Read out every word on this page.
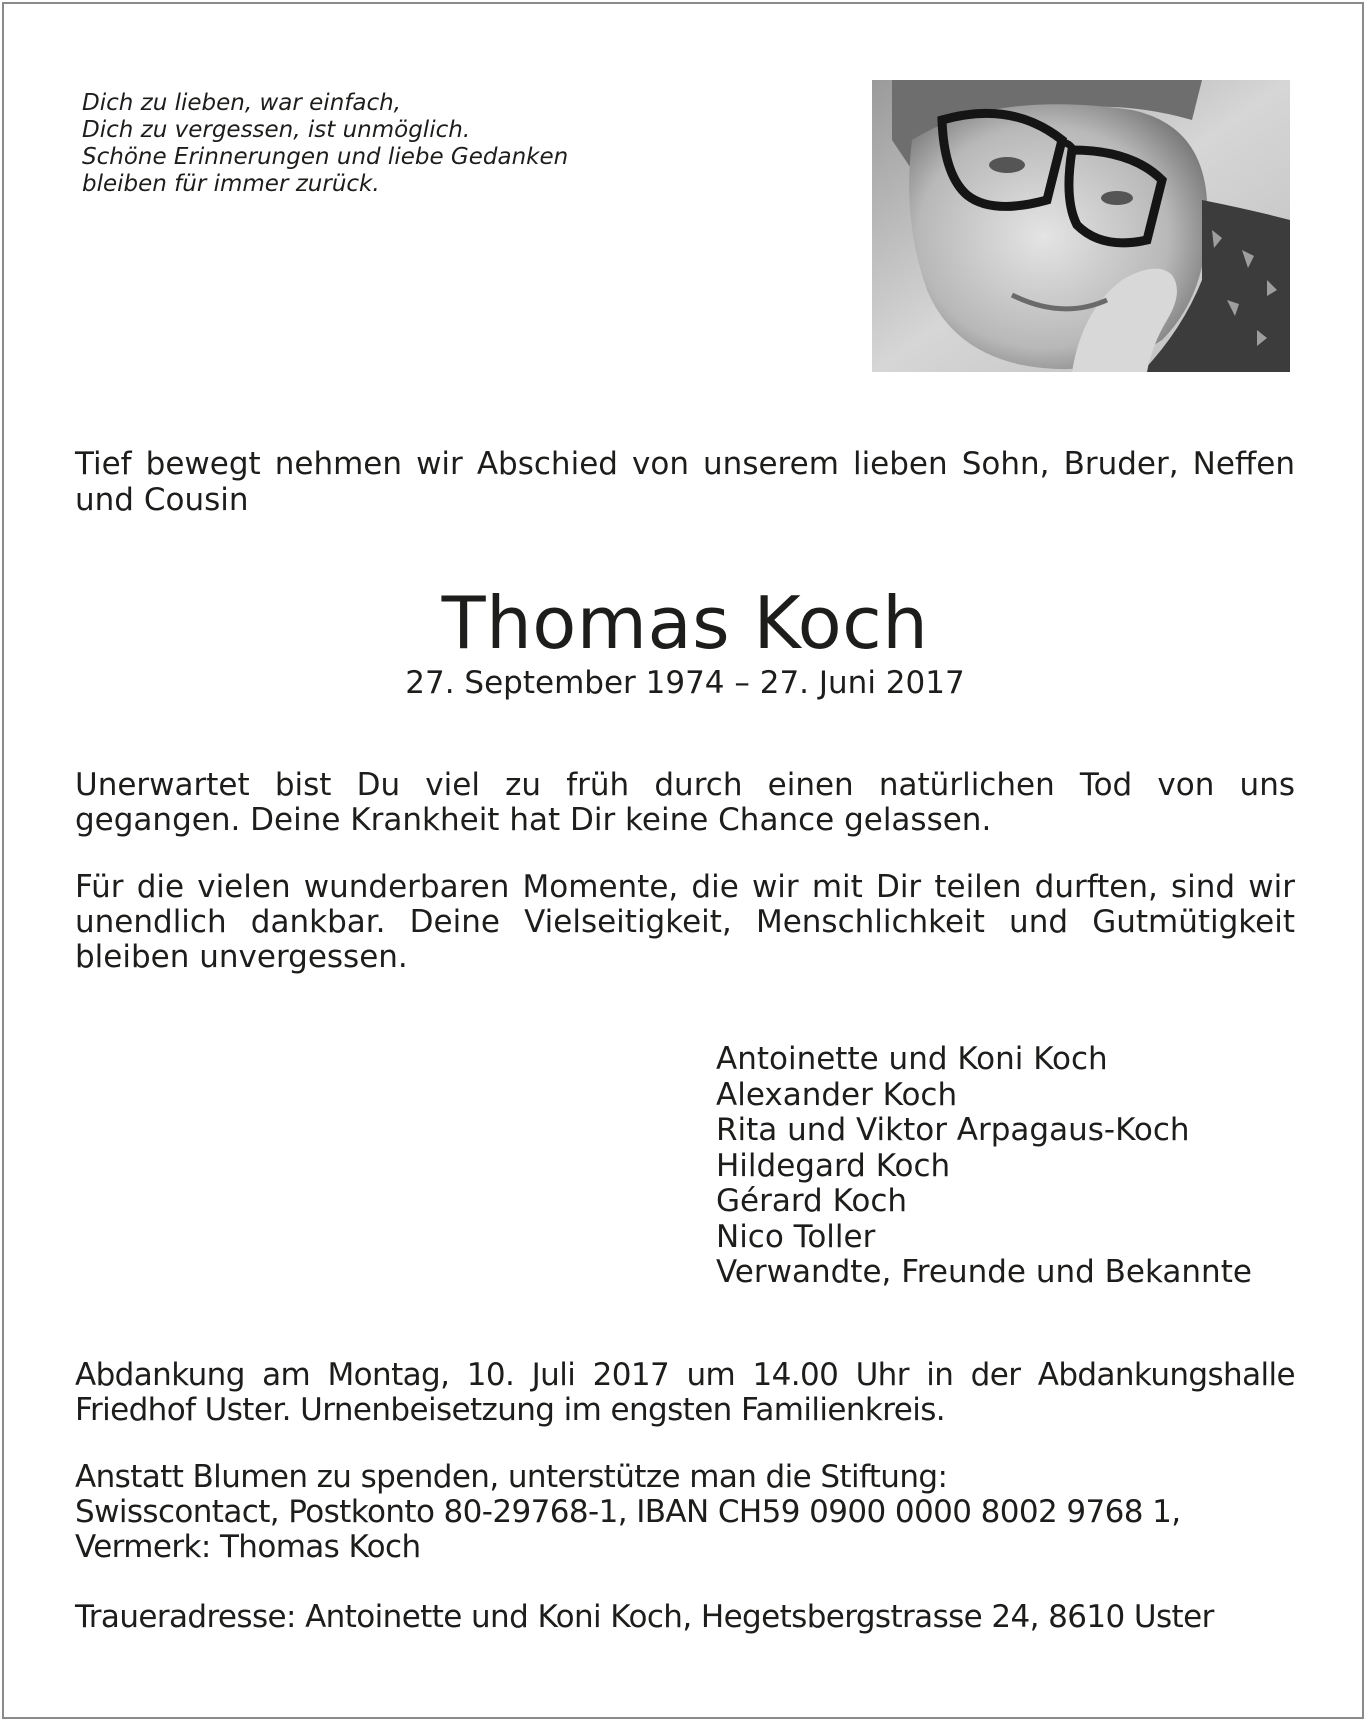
Dich zu lieben, war einfach,
Dich zu vergessen, ist unmöglich.
Schöne Erinnerungen und liebe Gedanken
bleiben für immer zurück.
Tief bewegt nehmen wir Abschied von unserem lieben Sohn, Bruder, Neffen und Cousin
Thomas Koch
27. September 1974 – 27. Juni 2017
Unerwartet bist Du viel zu früh durch einen natürlichen Tod von uns gegangen. Deine Krankheit hat Dir keine Chance gelassen.
Für die vielen wunderbaren Momente, die wir mit Dir teilen durften, sind wir unendlich dankbar. Deine Vielseitigkeit, Menschlichkeit und Gutmütigkeit bleiben unvergessen.
Antoinette und Koni Koch
Alexander Koch
Rita und Viktor Arpagaus-Koch
Hildegard Koch
Gérard Koch
Nico Toller
Verwandte, Freunde und Bekannte
Abdankung am Montag, 10. Juli 2017 um 14.00 Uhr in der Abdankungshalle Friedhof Uster. Urnenbeisetzung im engsten Familienkreis.
Anstatt Blumen zu spenden, unterstütze man die Stiftung:
Swisscontact, Postkonto 80-29768-1, IBAN CH59 0900 0000 8002 9768 1,
Vermerk: Thomas Koch
Traueradresse: Antoinette und Koni Koch, Hegetsbergstrasse 24, 8610 Uster
